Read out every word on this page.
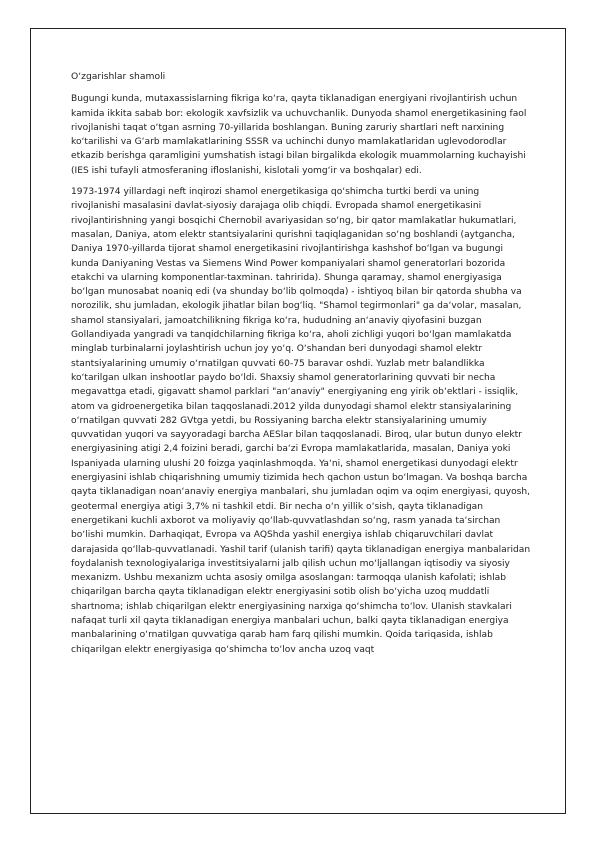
O‘zgarishlar shamoli

Bugungi kunda, mutaxassislarning fikriga ko‘ra, qayta tiklanadigan energiyani rivojlantirish uchun kamida ikkita sabab bor: ekologik xavfsizlik va uchuvchanlik. Dunyoda shamol energetikasining faol rivojlanishi taqat o‘tgan asrning 70-yillarida boshlangan. Buning zaruriy shartlari neft narxining ko‘tarilishi va G‘arb mamlakatlarining SSSR va uchinchi dunyo mamlakatlaridan uglevodorodlar etkazib berishga qaramligini yumshatish istagi bilan birgalikda ekologik muammolarning kuchayishi (IES ishi tufayli atmosferaning ifloslanishi, kislotali yomg‘ir va boshqalar) edi.

1973-1974 yillardagi neft inqirozi shamol energetikasiga qo‘shimcha turtki berdi va uning rivojlanishi masalasini davlat-siyosiy darajaga olib chiqdi. Evropada shamol energetikasini rivojlantirishning yangi bosqichi Chernobil avariyasidan so‘ng, bir qator mamlakatlar hukumatlari, masalan, Daniya, atom elektr stantsiyalarini qurishni taqiqlaganidan so‘ng boshlandi (aytgancha, Daniya 1970-yillarda tijorat shamol energetikasini rivojlantirishga kashshof bo‘lgan va bugungi kunda Daniyaning Vestas va Siemens Wind Power kompaniyalari shamol generatorlari bozorida etakchi va ularning komponentlar-taxminan. tahririda). Shunga qaramay, shamol energiyasiga bo‘lgan munosabat noaniq edi (va shunday bo‘lib qolmoqda) - ishtiyoq bilan bir qatorda shubha va norozilik, shu jumladan, ekologik jihatlar bilan bog‘liq. "Shamol tegirmonlari" ga da‘volar, masalan, shamol stansiyalari, jamoatchilikning fikriga ko‘ra, hududning an‘anaviy qiyofasini buzgan Gollandiyada yangradi va tanqidchilarning fikriga ko‘ra, aholi zichligi yuqori bo‘lgan mamlakatda minglab turbinalarni joylashtirish uchun joy yo‘q. O‘shandan beri dunyodagi shamol elektr stantsiyalarining umumiy o‘rnatilgan quvvati 60-75 baravar oshdi. Yuzlab metr balandlikka ko‘tarilgan ulkan inshootlar paydo bo‘ldi. Shaxsiy shamol generatorlarining quvvati bir necha megavattga etadi, gigavatt shamol parklari "an‘anaviy" energiyaning eng yirik ob‘ektlari - issiqlik, atom va gidroenergetika bilan taqqoslanadi.2012 yilda dunyodagi shamol elektr stansiyalarining o‘rnatilgan quvvati 282 GVtga yetdi, bu Rossiyaning barcha elektr stansiyalarining umumiy quvvatidan yuqori va sayyoradagi barcha AESlar bilan taqqoslanadi. Biroq, ular butun dunyo elektr energiyasining atigi 2,4 foizini beradi, garchi ba‘zi Evropa mamlakatlarida, masalan, Daniya yoki Ispaniyada ularning ulushi 20 foizga yaqinlashmoqda. Ya‘ni, shamol energetikasi dunyodagi elektr energiyasini ishlab chiqarishning umumiy tizimida hech qachon ustun bo‘lmagan. Va boshqa barcha qayta tiklanadigan noan‘anaviy energiya manbalari, shu jumladan oqim va oqim energiyasi, quyosh, geotermal energiya atigi 3,7% ni tashkil etdi. Bir necha o‘n yillik o‘sish, qayta tiklanadigan energetikani kuchli axborot va moliyaviy qo‘llab-quvvatlashdan so‘ng, rasm yanada ta‘sirchan bo‘lishi mumkin. Darhaqiqat, Evropa va AQShda yashil energiya ishlab chiqaruvchilari davlat darajasida qo‘llab-quvvatlanadi. Yashil tarif (ulanish tarifi) qayta tiklanadigan energiya manbalaridan foydalanish texnologiyalariga investitsiyalarni jalb qilish uchun mo‘ljallangan iqtisodiy va siyosiy mexanizm. Ushbu mexanizm uchta asosiy omilga asoslangan: tarmoqqa ulanish kafolati; ishlab chiqarilgan barcha qayta tiklanadigan elektr energiyasini sotib olish bo‘yicha uzoq muddatli shartnoma; ishlab chiqarilgan elektr energiyasining narxiga qo‘shimcha to‘lov. Ulanish stavkalari nafaqat turli xil qayta tiklanadigan energiya manbalari uchun, balki qayta tiklanadigan energiya manbalarining o‘rnatilgan quvvatiga qarab ham farq qilishi mumkin. Qoida tariqasida, ishlab chiqarilgan elektr energiyasiga qo‘shimcha to‘lov ancha uzoq vaqt
